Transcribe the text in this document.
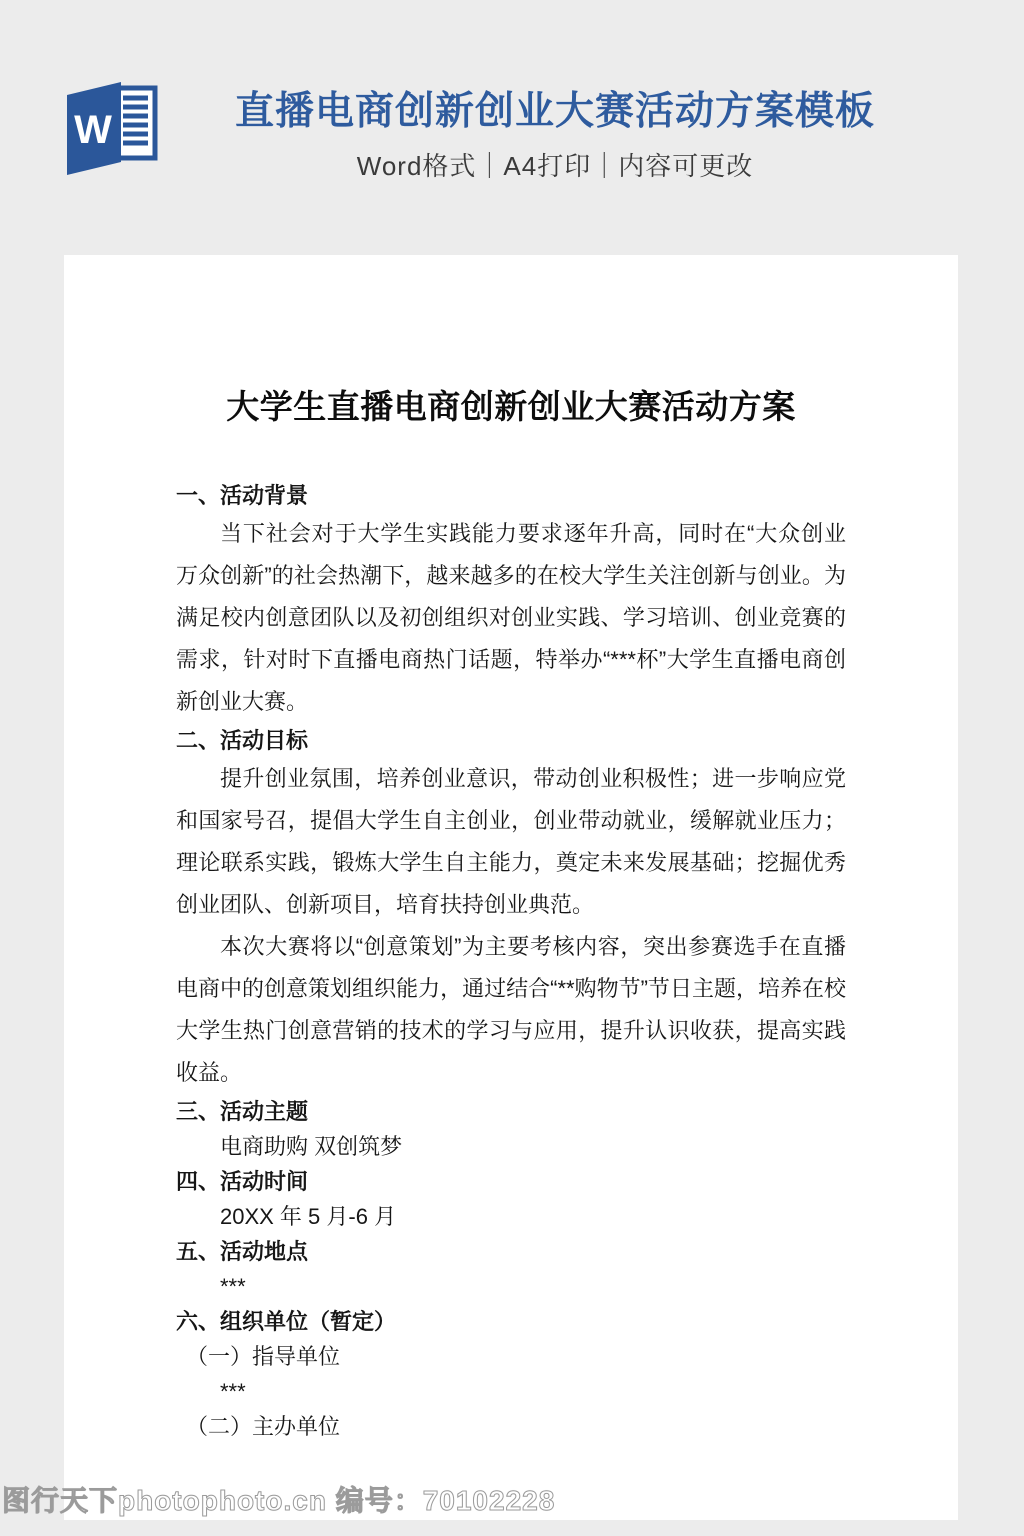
W	直播电商创新创业大赛活动方案模板

Word格式｜A4打印｜内容可更改

大学生直播电商创新创业大赛活动方案
一、活动背景
当下社会对于大学生实践能力要求逐年升高，同时在“大众创业 万众创新”的社会热潮下，越来越多的在校大学生关注创新与创业。为满足校内创意团队以及初创组织对创业实践、学习培训、创业竞赛的需求，针对时下直播电商热门话题，特举办“***杯”大学生直播电商创新创业大赛。
二、活动目标
提升创业氛围，培养创业意识，带动创业积极性；进一步响应党和国家号召，提倡大学生自主创业，创业带动就业，缓解就业压力；理论联系实践，锻炼大学生自主能力，奠定未来发展基础；挖掘优秀创业团队、创新项目，培育扶持创业典范。
本次大赛将以“创意策划”为主要考核内容，突出参赛选手在直播电商中的创意策划组织能力，通过结合“**购物节”节日主题，培养在校大学生热门创意营销的技术的学习与应用，提升认识收获，提高实践收益。
三、活动主题
电商助购 双创筑梦
四、活动时间
20XX 年 5 月-6 月
五、活动地点
***
六、组织单位（暂定）
（一）指导单位
***
（二）主办单位
图行天下photophoto.cn 编号：70102228
